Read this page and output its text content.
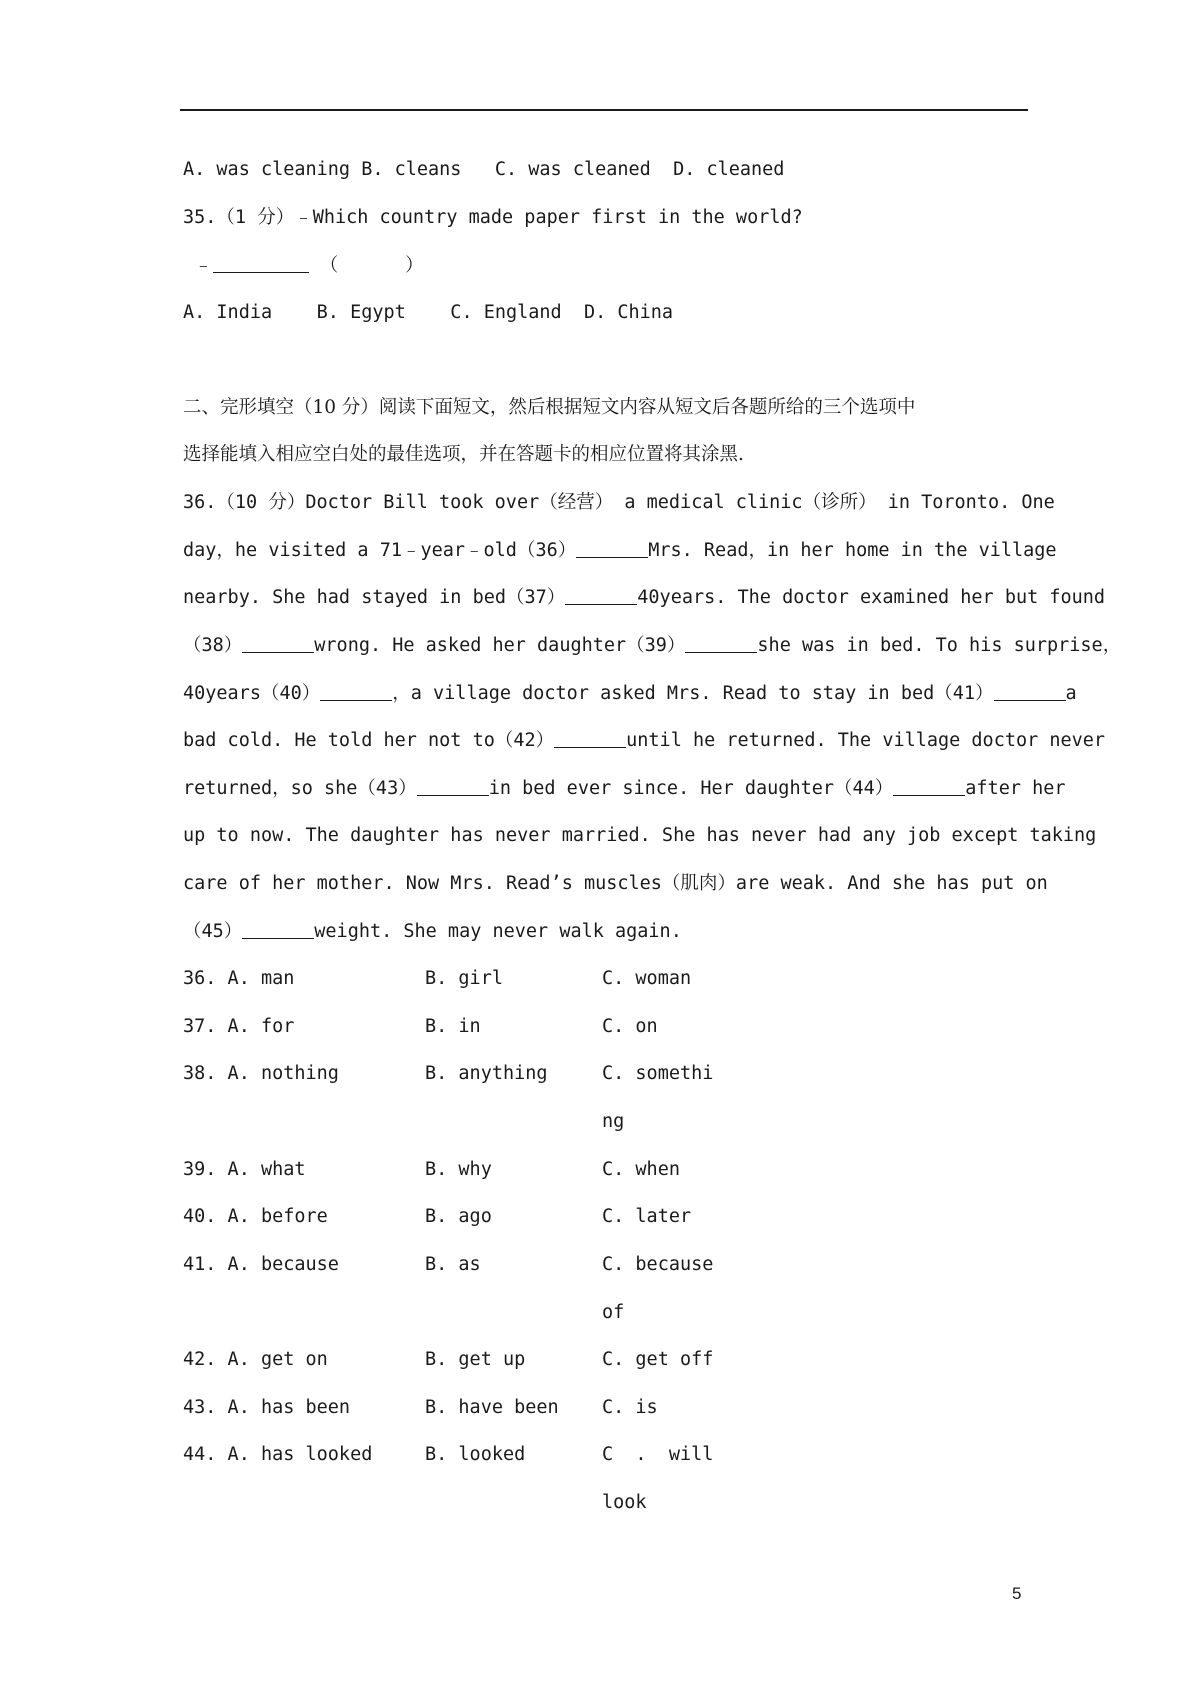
A. was cleaning B. cleans   C. was cleaned  D. cleaned
35.（1 分）﹣Which country made paper first in the world?
﹣	（      ）
A. India    B. Egypt    C. England  D. China
二、完形填空（10 分）阅读下面短文，然后根据短文内容从短文后各题所给的三个选项中
选择能填入相应空白处的最佳选项，并在答题卡的相应位置将其涂黑.
36.（10 分）Doctor Bill took over（经营） a medical clinic（诊所） in Toronto. One
day，he visited a 71﹣year﹣old（36）	Mrs. Read，in her home in the village
nearby. She had stayed in bed（37）	40years. The doctor examined her but found
（38）	wrong. He asked her daughter（39）	she was in bed. To his surprise，
40years（40）	，a village doctor asked Mrs. Read to stay in bed（41）	a
bad cold. He told her not to（42）	until he returned. The village doctor never
returned，so she（43）	in bed ever since. Her daughter（44）	after her
up to now. The daughter has never married. She has never had any job except taking
care of her mother. Now Mrs. Read’s muscles（肌肉）are weak. And she has put on
（45）	weight. She may never walk again.
36. A. man	B. girl	C. woman
37. A. for	B. in	C. on
38. A. nothing	B. anything	C. somethi
ng
39. A. what	B. why	C. when
40. A. before	B. ago	C. later
41. A. because	B. as	C. because
of
42. A. get on	B. get up	C. get off
43. A. has been	B. have been C. is
44. A. has looked	B. looked	C  .  will
look
5
